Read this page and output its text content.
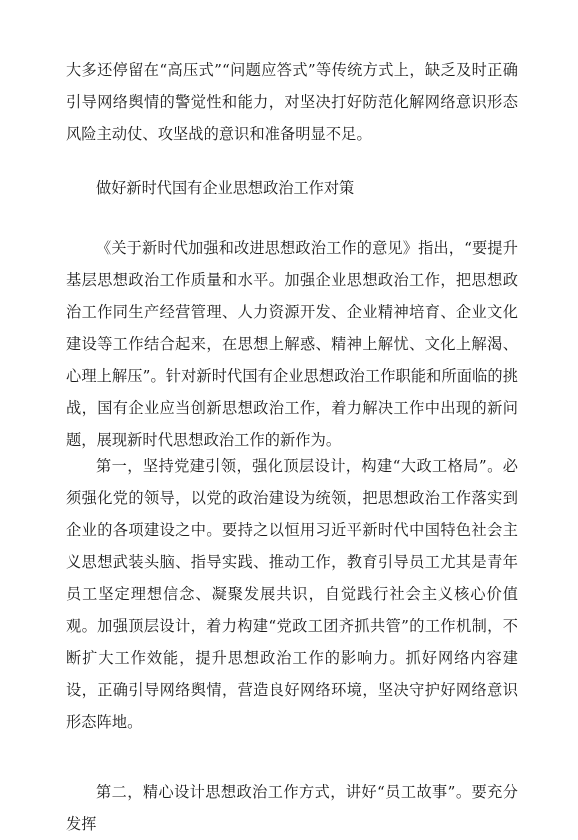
大多还停留在“高压式”“问题应答式”等传统方式上，缺乏及时正确引导网络舆情的警觉性和能力，对坚决打好防范化解网络意识形态风险主动仗、攻坚战的意识和准备明显不足。

做好新时代国有企业思想政治工作对策

《关于新时代加强和改进思想政治工作的意见》指出，“要提升基层思想政治工作质量和水平。加强企业思想政治工作，把思想政治工作同生产经营管理、人力资源开发、企业精神培育、企业文化建设等工作结合起来，在思想上解惑、精神上解忧、文化上解渴、心理上解压”。针对新时代国有企业思想政治工作职能和所面临的挑战，国有企业应当创新思想政治工作，着力解决工作中出现的新问题，展现新时代思想政治工作的新作为。

第一，坚持党建引领，强化顶层设计，构建“大政工格局”。必须强化党的领导，以党的政治建设为统领，把思想政治工作落实到企业的各项建设之中。要持之以恒用习近平新时代中国特色社会主义思想武装头脑、指导实践、推动工作，教育引导员工尤其是青年员工坚定理想信念、凝聚发展共识，自觉践行社会主义核心价值观。加强顶层设计，着力构建“党政工团齐抓共管”的工作机制，不断扩大工作效能，提升思想政治工作的影响力。抓好网络内容建设，正确引导网络舆情，营造良好网络环境，坚决守护好网络意识形态阵地。

第二，精心设计思想政治工作方式，讲好“员工故事”。要充分发挥
